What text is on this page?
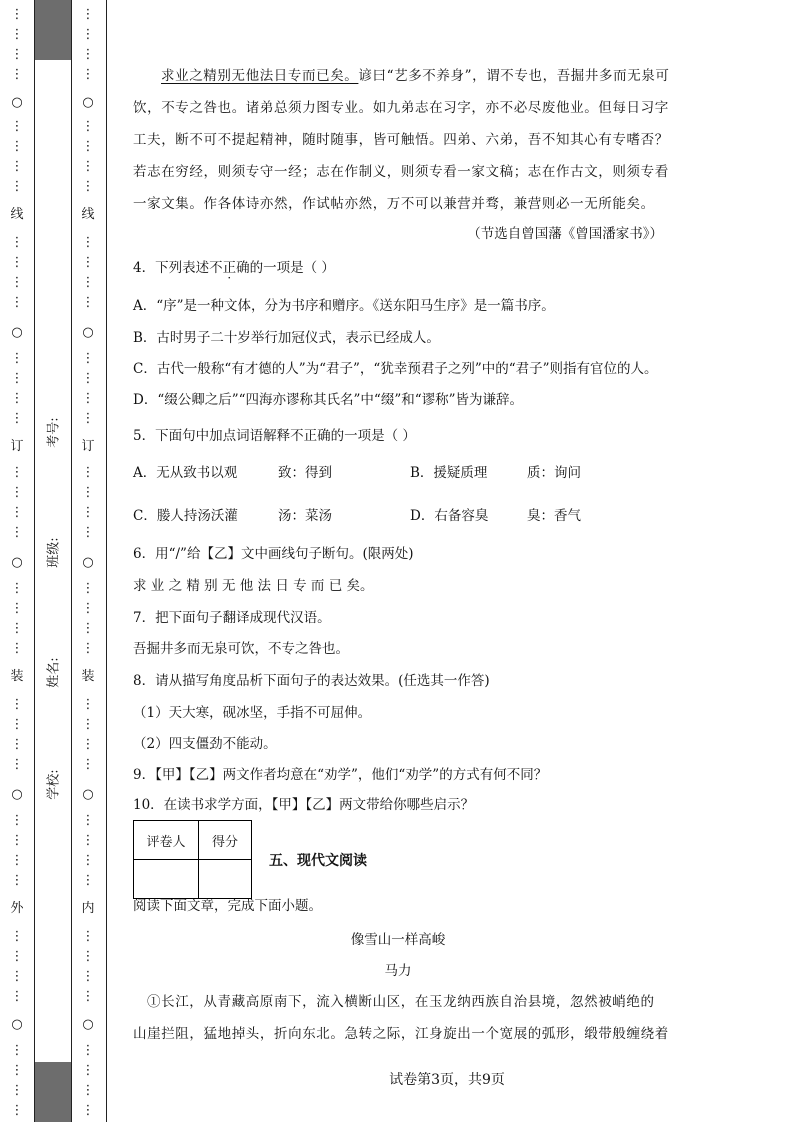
⋮
⋮
⋮
⋮
○
⋮
⋮
⋮
⋮
线
⋮
⋮
⋮
⋮
○
⋮
⋮
⋮
⋮
订
⋮
⋮
⋮
⋮
○
⋮
⋮
⋮
⋮
装
⋮
⋮
⋮
⋮
○
⋮
⋮
⋮
⋮
外
⋮
⋮
⋮
⋮
○
⋮
⋮
⋮
⋮
考号:
班级:
姓名:
学校:
⋮
⋮
⋮
⋮
○
⋮
⋮
⋮
⋮
线
⋮
⋮
⋮
⋮
○
⋮
⋮
⋮
⋮
订
⋮
⋮
⋮
⋮
○
⋮
⋮
⋮
⋮
装
⋮
⋮
⋮
⋮
○
⋮
⋮
⋮
⋮
内
⋮
⋮
⋮
⋮
○
⋮
⋮
⋮
⋮
求业之精别无他法日专而已矣。谚曰“艺多不养身”，谓不专也，吾掘井多而无泉可
饮，不专之咎也。诸弟总须力图专业。如九弟志在习字，亦不必尽废他业。但每日习字
工夫，断不可不提起精神，随时随事，皆可触悟。四弟、六弟，吾不知其心有专嗜否？
若志在穷经，则须专守一经；志在作制义，则须专看一家文稿；志在作古文，则须专看
一家文集。作各体诗亦然，作试帖亦然，万不可以兼营并骛，兼营则必一无所能矣。
（节选自曾国藩《曾国潘家书》）
4．下列表述不正确的一项是（ ）
A．“序”是一种文体，分为书序和赠序。《送东阳马生序》是一篇书序。
B．古时男子二十岁举行加冠仪式，表示已经成人。
C．古代一般称“有才德的人”为“君子”，“犹幸预君子之列”中的“君子”则指有官位的人。
D．“缀公卿之后”“四海亦谬称其氏名”中“缀”和“谬称”皆为谦辞。
5．下面句中加点词语解释不正确的一项是（ ）
A．无从致书以观	致：得到	B．援疑质理	质：询问
C．媵人持汤沃灌	汤：菜汤	D．右备容臭	臭：香气
6．用“/”给【乙】文中画线句子断句。(限两处)
求 业 之 精 别 无 他 法 日 专 而 已 矣。
7．把下面句子翻译成现代汉语。
吾掘井多而无泉可饮，不专之咎也。
8．请从描写角度品析下面句子的表达效果。(任选其一作答)
（1）天大寒，砚冰坚，手指不可屈伸。
（2）四支僵劲不能动。
9．【甲】【乙】两文作者均意在“劝学”，他们“劝学”的方式有何不同？
10．在读书求学方面，【甲】【乙】两文带给你哪些启示？
评卷人	得分

五、现代文阅读
阅读下面文章，完成下面小题。
像雪山一样高峻
马力
①长江，从青藏高原南下，流入横断山区，在玉龙纳西族自治县境，忽然被峭绝的
山崖拦阻，猛地掉头，折向东北。急转之际，江身旋出一个宽展的弧形，缎带般缠绕着
试卷第3页，共9页
